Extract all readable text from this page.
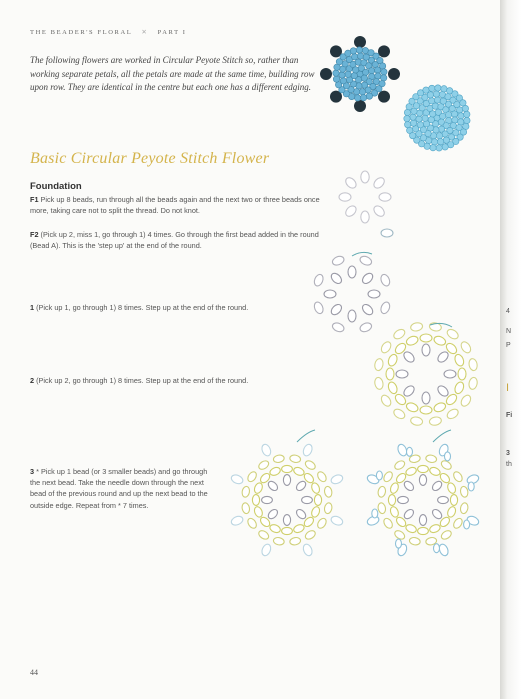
THE BEADER'S FLORAL ✕ PART I
The following flowers are worked in Circular Peyote Stitch so, rather than working separate petals, all the petals are made at the same time, building row upon row. They are identical in the centre but each one has a different edging.
Basic Circular Peyote Stitch Flower
Foundation
F1 Pick up 8 beads, run through all the beads again and the next two or three beads once more, taking care not to split the thread. Do not knot.
F2 (Pick up 2, miss 1, go through 1) 4 times. Go through the first bead added in the round (Bead A). This is the 'step up' at the end of the round.
1 (Pick up 1, go through 1) 8 times. Step up at the end of the round.
2 (Pick up 2, go through 1) 8 times. Step up at the end of the round.
3 * Pick up 1 bead (or 3 smaller beads) and go through the next bead. Take the needle down through the next bead of the previous round and up the next bead to the outside edge. Repeat from * 7 times.
44
4
N
P
I
Fi
3
th
